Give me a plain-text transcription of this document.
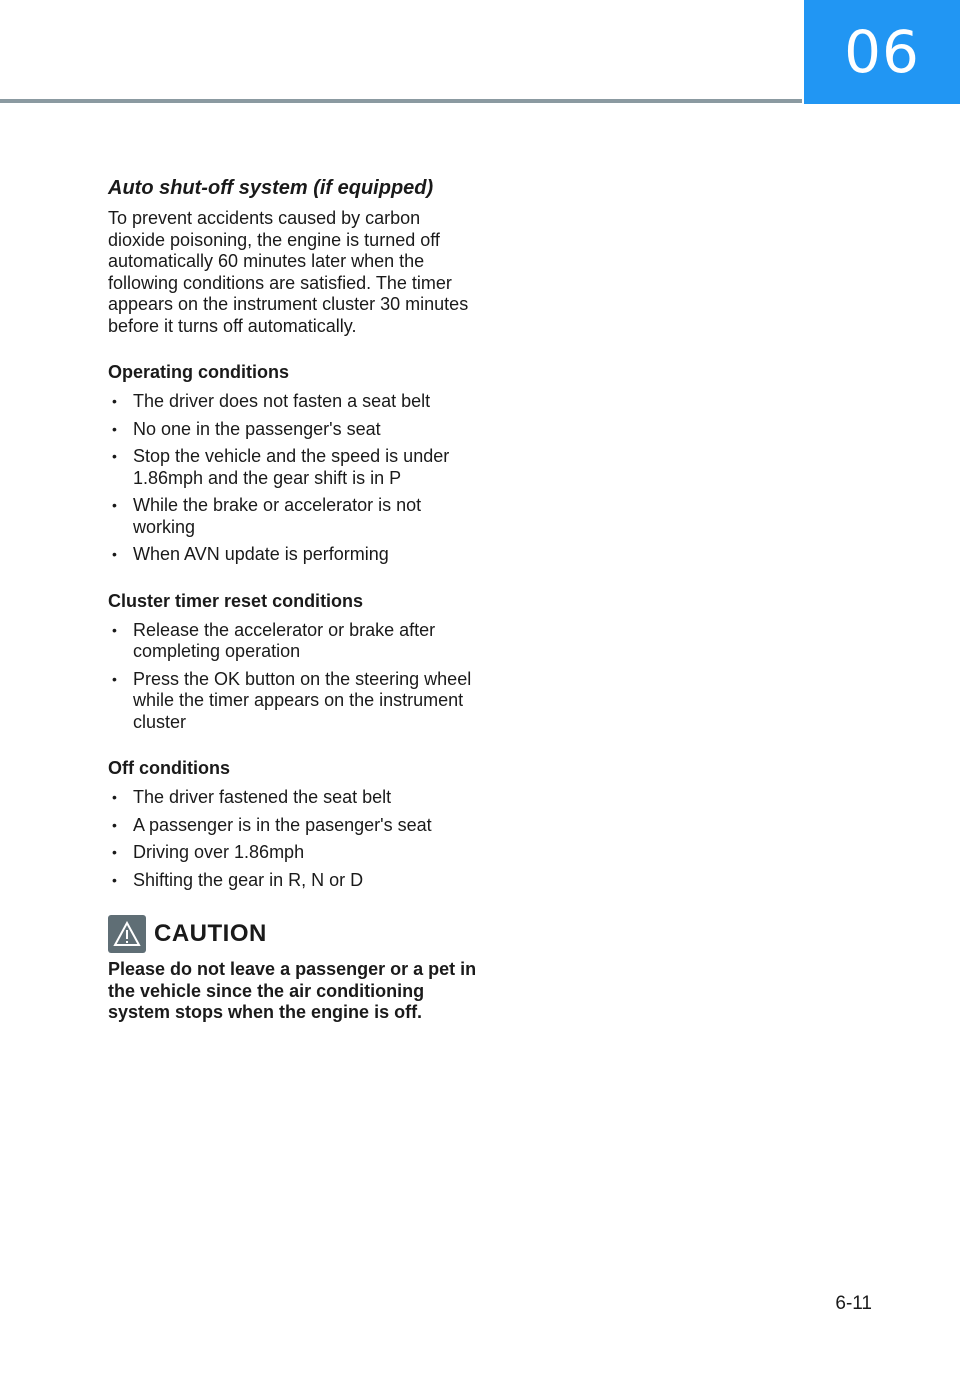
06
Auto shut-off system (if equipped)

To prevent accidents caused by carbon dioxide poisoning, the engine is turned off automatically 60 minutes later when the following conditions are satisfied. The timer appears on the instrument cluster 30 minutes before it turns off automatically.

Operating conditions
• The driver does not fasten a seat belt
• No one in the passenger's seat
• Stop the vehicle and the speed is under 1.86mph and the gear shift is in P
• While the brake or accelerator is not working
• When AVN update is performing
Cluster timer reset conditions
• Release the accelerator or brake after completing operation
• Press the OK button on the steering wheel while the timer appears on the instrument cluster
Off conditions
• The driver fastened the seat belt
• A passenger is in the pasenger's seat
• Driving over 1.86mph
• Shifting the gear in R, N or D
CAUTION

Please do not leave a passenger or a pet in the vehicle since the air conditioning system stops when the engine is off.

6-11
